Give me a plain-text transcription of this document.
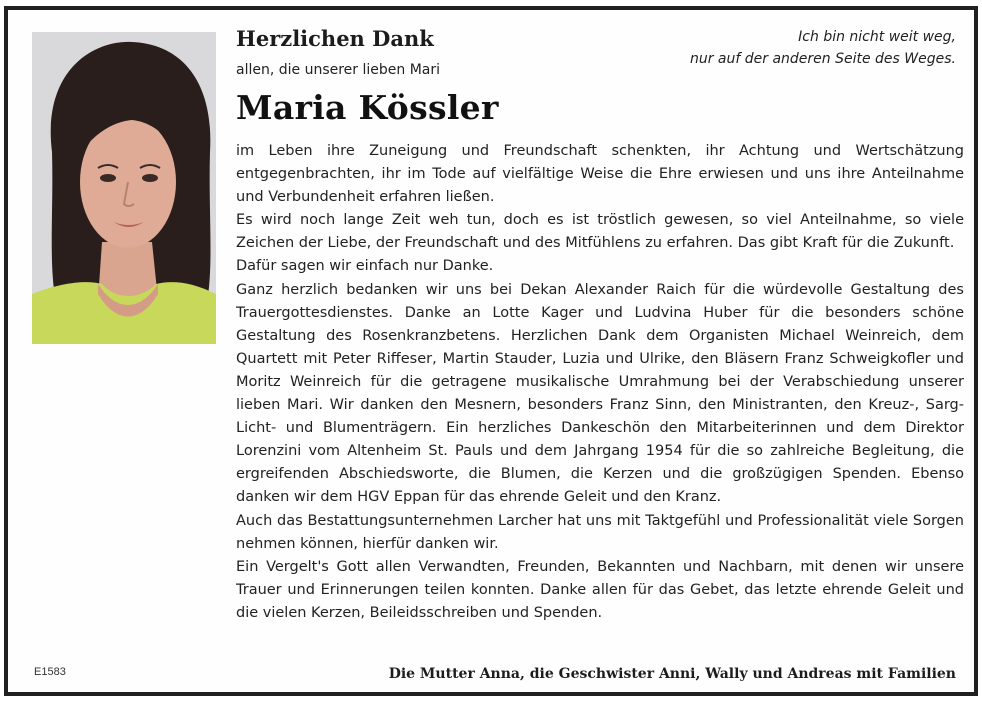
Herzlichen Dank	Ich bin nicht weit weg,
nur auf der anderen Seite des Weges.

allen, die unserer lieben Mari

Maria Kössler

im Leben ihre Zuneigung und Freundschaft schenkten, ihr Achtung und Wertschätzung entgegenbrachten, ihr im Tode auf vielfältige Weise die Ehre erwiesen und uns ihre Anteilnahme und Verbundenheit erfahren ließen.

Es wird noch lange Zeit weh tun, doch es ist tröstlich gewesen, so viel Anteilnahme, so viele Zeichen der Liebe, der Freundschaft und des Mitfühlens zu erfahren. Das gibt Kraft für die Zukunft.

Dafür sagen wir einfach nur Danke.

Ganz herzlich bedanken wir uns bei Dekan Alexander Raich für die würdevolle Gestaltung des Trauergottesdienstes. Danke an Lotte Kager und Ludvina Huber für die besonders schöne Gestaltung des Rosenkranzbetens. Herzlichen Dank dem Organisten Michael Weinreich, dem Quartett mit Peter Riffeser, Martin Stauder, Luzia und Ulrike, den Bläsern Franz Schweigkofler und Moritz Weinreich für die getragene musikalische Umrahmung bei der Verabschiedung unserer lieben Mari. Wir danken den Mesnern, besonders Franz Sinn, den Ministranten, den Kreuz-, Sarg-Licht- und Blumenträgern. Ein herzliches Dankeschön den Mitarbeiterinnen und dem Direktor Lorenzini vom Altenheim St. Pauls und dem Jahrgang 1954 für die so zahlreiche Begleitung, die ergreifenden Abschiedsworte, die Blumen, die Kerzen und die großzügigen Spenden. Ebenso danken wir dem HGV Eppan für das ehrende Geleit und den Kranz.

Auch das Bestattungsunternehmen Larcher hat uns mit Taktgefühl und Professionalität viele Sorgen nehmen können, hierfür danken wir.

Ein Vergelt's Gott allen Verwandten, Freunden, Bekannten und Nachbarn, mit denen wir unsere Trauer und Erinnerungen teilen konnten. Danke allen für das Gebet, das letzte ehrende Geleit und die vielen Kerzen, Beileidsschreiben und Spenden.

E1583	Die Mutter Anna, die Geschwister Anni, Wally und Andreas mit Familien
